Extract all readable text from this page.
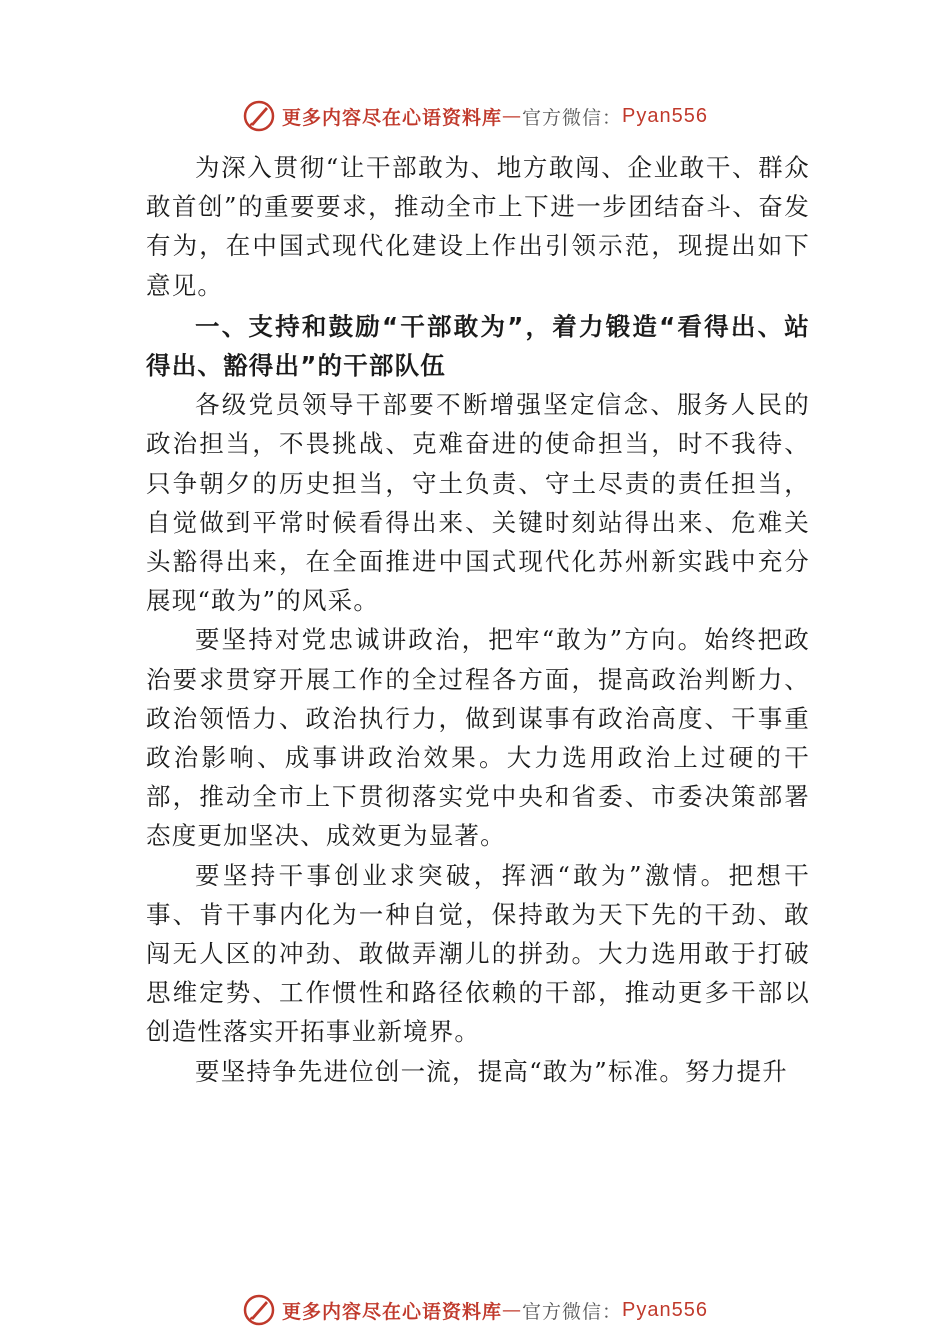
更多内容尽在心语资料库 — 官方微信： Pyan556

为深入贯彻“让干部敢为、地方敢闯、企业敢干、群众敢首创”的重要要求，推动全市上下进一步团结奋斗、奋发有为，在中国式现代化建设上作出引领示范，现提出如下意见。

一、支持和鼓励“干部敢为”，着力锻造“看得出、站得出、豁得出”的干部队伍

各级党员领导干部要不断增强坚定信念、服务人民的政治担当，不畏挑战、克难奋进的使命担当，时不我待、只争朝夕的历史担当，守土负责、守土尽责的责任担当，自觉做到平常时候看得出来、关键时刻站得出来、危难关头豁得出来，在全面推进中国式现代化苏州新实践中充分展现“敢为”的风采。

要坚持对党忠诚讲政治，把牢“敢为”方向。始终把政治要求贯穿开展工作的全过程各方面，提高政治判断力、政治领悟力、政治执行力，做到谋事有政治高度、干事重政治影响、成事讲政治效果。大力选用政治上过硬的干部，推动全市上下贯彻落实党中央和省委、市委决策部署态度更加坚决、成效更为显著。

要坚持干事创业求突破，挥洒“敢为”激情。把想干事、肯干事内化为一种自觉，保持敢为天下先的干劲、敢闯无人区的冲劲、敢做弄潮儿的拼劲。大力选用敢于打破思维定势、工作惯性和路径依赖的干部，推动更多干部以创造性落实开拓事业新境界。

要坚持争先进位创一流，提高“敢为”标准。努力提升

更多内容尽在心语资料库 — 官方微信： Pyan556
